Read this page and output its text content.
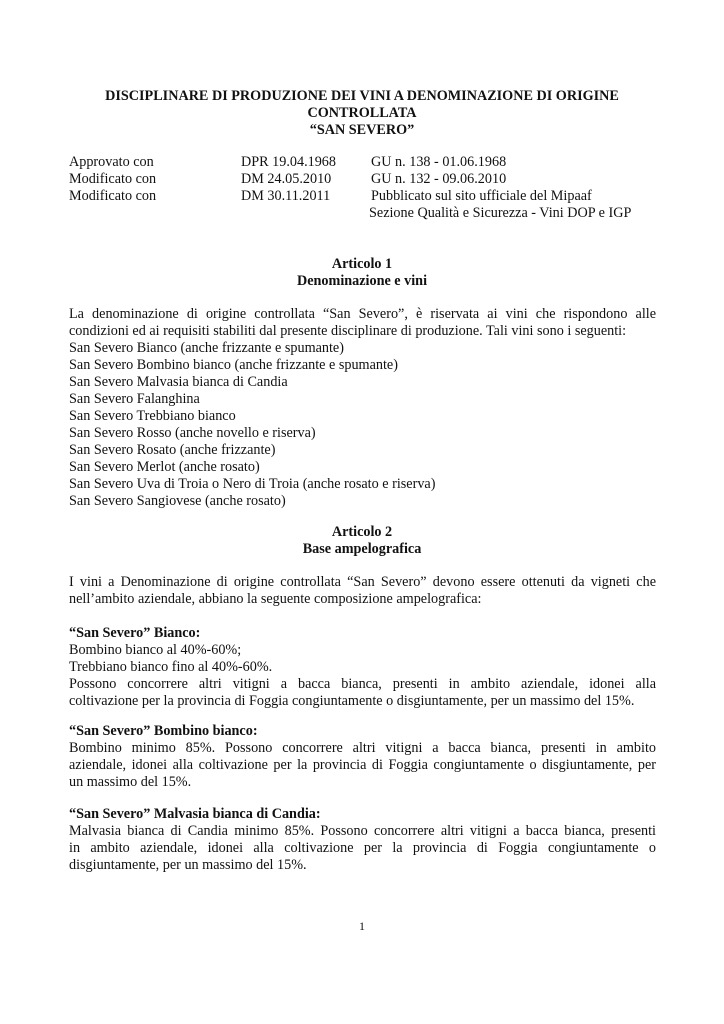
DISCIPLINARE DI PRODUZIONE DEI VINI A DENOMINAZIONE DI ORIGINE
CONTROLLATA
“SAN SEVERO”
Approvato con	DPR 19.04.1968 GU n. 138 - 01.06.1968
Modificato con	DM 24.05.2010	GU n. 132 - 09.06.2010
Modificato con	DM 30.11.2011	Pubblicato sul sito ufficiale del Mipaaf
Sezione Qualità e Sicurezza - Vini DOP e IGP
Articolo 1
Denominazione e vini
La denominazione di origine controllata “San Severo”, è riservata ai vini che rispondono alle
condizioni ed ai requisiti stabiliti dal presente disciplinare di produzione. Tali vini sono i seguenti:
San Severo Bianco (anche frizzante e spumante)
San Severo Bombino bianco (anche frizzante e spumante)
San Severo Malvasia bianca di Candia
San Severo Falanghina
San Severo Trebbiano bianco
San Severo Rosso (anche novello e riserva)
San Severo Rosato (anche frizzante)
San Severo Merlot (anche rosato)
San Severo Uva di Troia o Nero di Troia (anche rosato e riserva)
San Severo Sangiovese (anche rosato)
Articolo 2
Base ampelografica
I vini a Denominazione di origine controllata “San Severo” devono essere ottenuti da vigneti che
nell’ambito aziendale, abbiano la seguente composizione ampelografica:
“San Severo” Bianco:
Bombino bianco al 40%-60%;
Trebbiano bianco fino al 40%-60%.
Possono concorrere altri vitigni a bacca bianca, presenti in ambito aziendale, idonei alla
coltivazione per la provincia di Foggia congiuntamente o disgiuntamente, per un massimo del 15%.
“San Severo” Bombino bianco:
Bombino minimo 85%. Possono concorrere altri vitigni a bacca bianca, presenti in ambito
aziendale, idonei alla coltivazione per la provincia di Foggia congiuntamente o disgiuntamente, per
un massimo del 15%.
“San Severo” Malvasia bianca di Candia:
Malvasia bianca di Candia minimo 85%. Possono concorrere altri vitigni a bacca bianca, presenti
in ambito aziendale, idonei alla coltivazione per la provincia di Foggia congiuntamente o
disgiuntamente, per un massimo del 15%.
1
